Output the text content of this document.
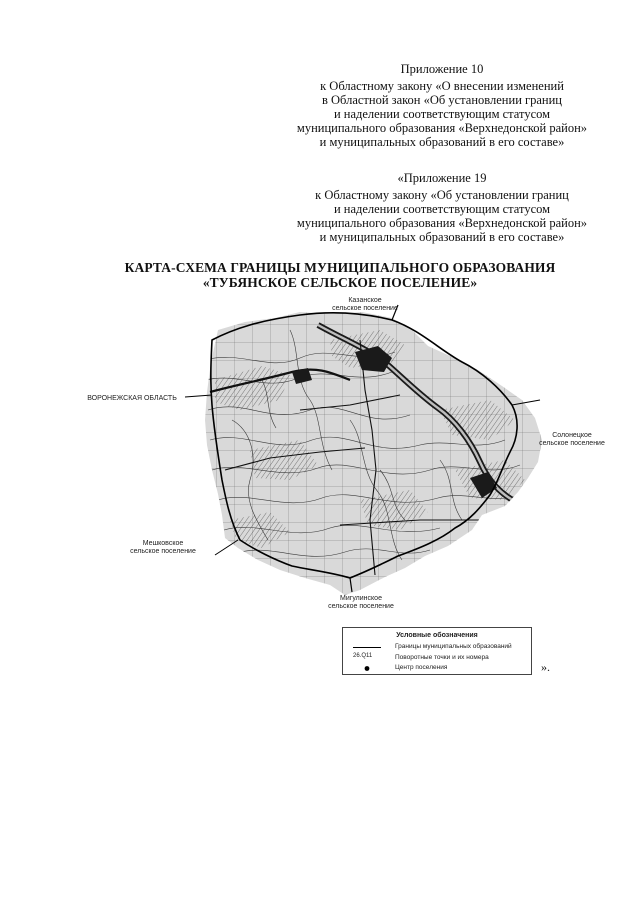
Приложение 10
к Областному закону «О внесении изменений
в Областной закон «Об установлении границ
и наделении соответствующим статусом
муниципального образования «Верхнедонской район»
и муниципальных образований в его составе»
«Приложение 19
к Областному закону «Об установлении границ
и наделении соответствующим статусом
муниципального образования «Верхнедонской район»
и муниципальных образований в его составе»
КАРТА-СХЕМА ГРАНИЦЫ МУНИЦИПАЛЬНОГО ОБРАЗОВАНИЯ
«ТУБЯНСКОЕ СЕЛЬСКОЕ ПОСЕЛЕНИЕ»
Казанское
сельское поселение
ВОРОНЕЖСКАЯ ОБЛАСТЬ
Солонецкое
сельское поселение
Мешковское
сельское поселение
Мигулинское
сельское поселение
Условные обозначения
Границы муниципальных образований
26.Q11	Поворотные точки и их номера
Центр поселения	».
